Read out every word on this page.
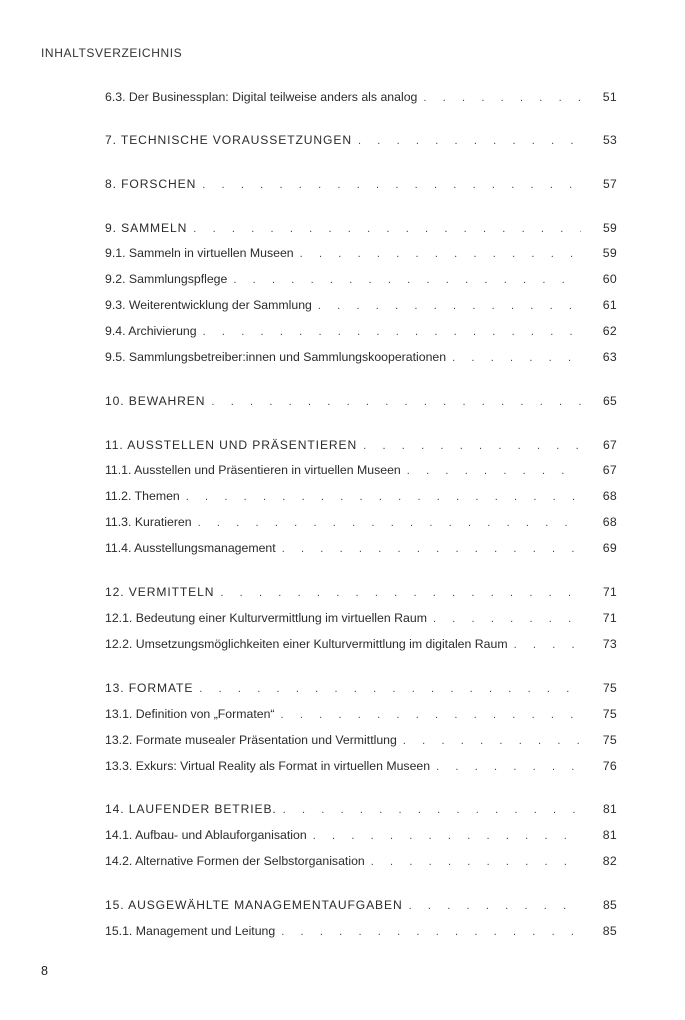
INHALTSVERZEICHNIS
6.3. Der Businessplan: Digital teilweise anders als analog . . .	51
7. TECHNISCHE VORAUSSETZUNGEN . . .	53
8. FORSCHEN . . .	57
9. SAMMELN . . .	59
9.1. Sammeln in virtuellen Museen . . .	59
9.2. Sammlungspflege . . .	60
9.3. Weiterentwicklung der Sammlung . . .	61
9.4. Archivierung . . .	62
9.5. Sammlungsbetreiber:innen und Sammlungskooperationen . . .	63
10. BEWAHREN . . .	65
11. AUSSTELLEN UND PRÄSENTIEREN . . .	67
11.1. Ausstellen und Präsentieren in virtuellen Museen . . .	67
11.2. Themen . . .	68
11.3. Kuratieren . . .	68
11.4. Ausstellungsmanagement . . .	69
12. VERMITTELN . . .	71
12.1. Bedeutung einer Kulturvermittlung im virtuellen Raum . . .	71
12.2. Umsetzungsmöglichkeiten einer Kulturvermittlung im digitalen Raum . . .	73
13. FORMATE . . .	75
13.1. Definition von „Formaten“ . . .	75
13.2. Formate musealer Präsentation und Vermittlung . . .	75
13.3. Exkurs: Virtual Reality als Format in virtuellen Museen . . .	76
14. LAUFENDER BETRIEB. . . .	81
14.1. Aufbau- und Ablauforganisation . . .	81
14.2. Alternative Formen der Selbstorganisation . . .	82
15. AUSGEWÄHLTE MANAGEMENTAUFGABEN . . .	85
15.1. Management und Leitung . . .	85
8
